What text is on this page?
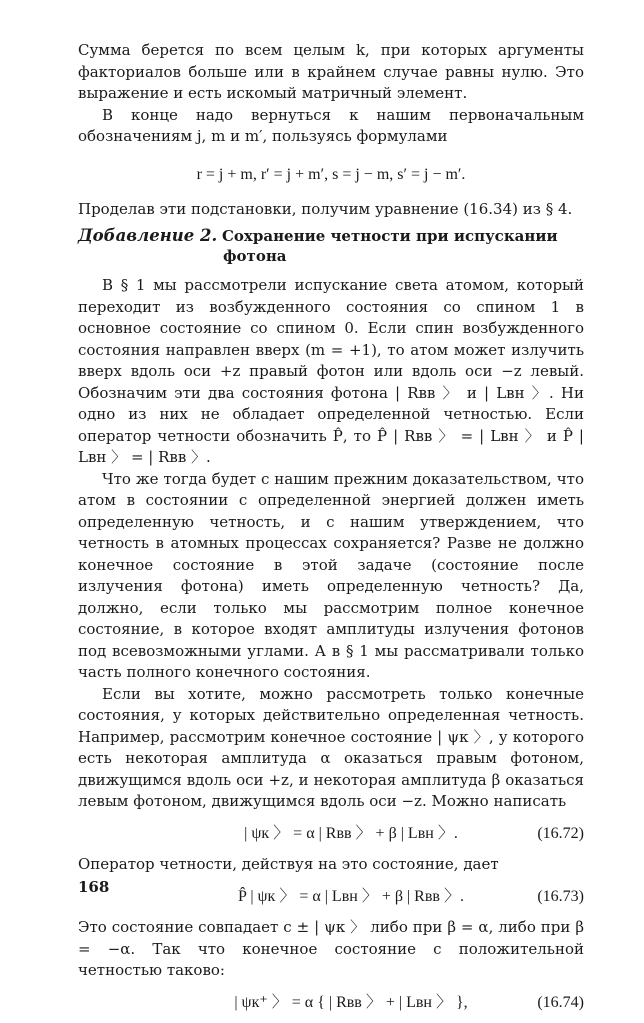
Сумма берется по всем целым k, при которых аргументы факториалов больше или в крайнем случае равны нулю. Это выражение и есть искомый матричный элемент.

В конце надо вернуться к нашим первоначальным обозначениям j, m и m′, пользуясь формулами

r = j + m, r′ = j + m′, s = j − m, s′ = j − m′.

Проделав эти подстановки, получим уравнение (16.34) из § 4.

Добавление 2. Сохранение четности при испускании
фотона

В § 1 мы рассмотрели испускание света атомом, который переходит из возбужденного состояния со спином 1 в основное состояние со спином 0. Если спин возбужденного состояния направлен вверх (m = +1), то атом может излучить вверх вдоль оси +z правый фотон или вдоль оси −z левый. Обозначим эти два состояния фотона | Rвв 〉 и | Lвн 〉. Ни одно из них не обладает определенной четностью. Если оператор четности обозначить P̂, то P̂ | Rвв 〉 = | Lвн 〉 и P̂ | Lвн 〉 = | Rвв 〉.

Что же тогда будет с нашим прежним доказательством, что атом в состоянии с определенной энергией должен иметь определенную четность, и с нашим утверждением, что четность в атомных процессах сохраняется? Разве не должно конечное состояние в этой задаче (состояние после излучения фотона) иметь определенную четность? Да, должно, если только мы рассмотрим полное конечное состояние, в которое входят амплитуды излучения фотонов под всевозможными углами. А в § 1 мы рассматривали только часть полного конечного состояния.

Если вы хотите, можно рассмотреть только конечные состояния, у которых действительно определенная четность. Например, рассмотрим конечное состояние | ψк 〉, у которого есть некоторая амплитуда α оказаться правым фотоном, движущимся вдоль оси +z, и некоторая амплитуда β оказаться левым фотоном, движущимся вдоль оси −z. Можно написать

| ψк 〉 = α | Rвв 〉 + β | Lвн 〉.	(16.72)

Оператор четности, действуя на это состояние, дает

P̂ | ψк 〉 = α | Lвн 〉 + β | Rвв 〉.	(16.73)

Это состояние совпадает с ± | ψк 〉 либо при β = α, либо при β = −α. Так что конечное состояние с положительной четностью таково:

| ψк⁺ 〉 = α { | Rвв 〉 + | Lвн 〉 },	(16.74)
168
